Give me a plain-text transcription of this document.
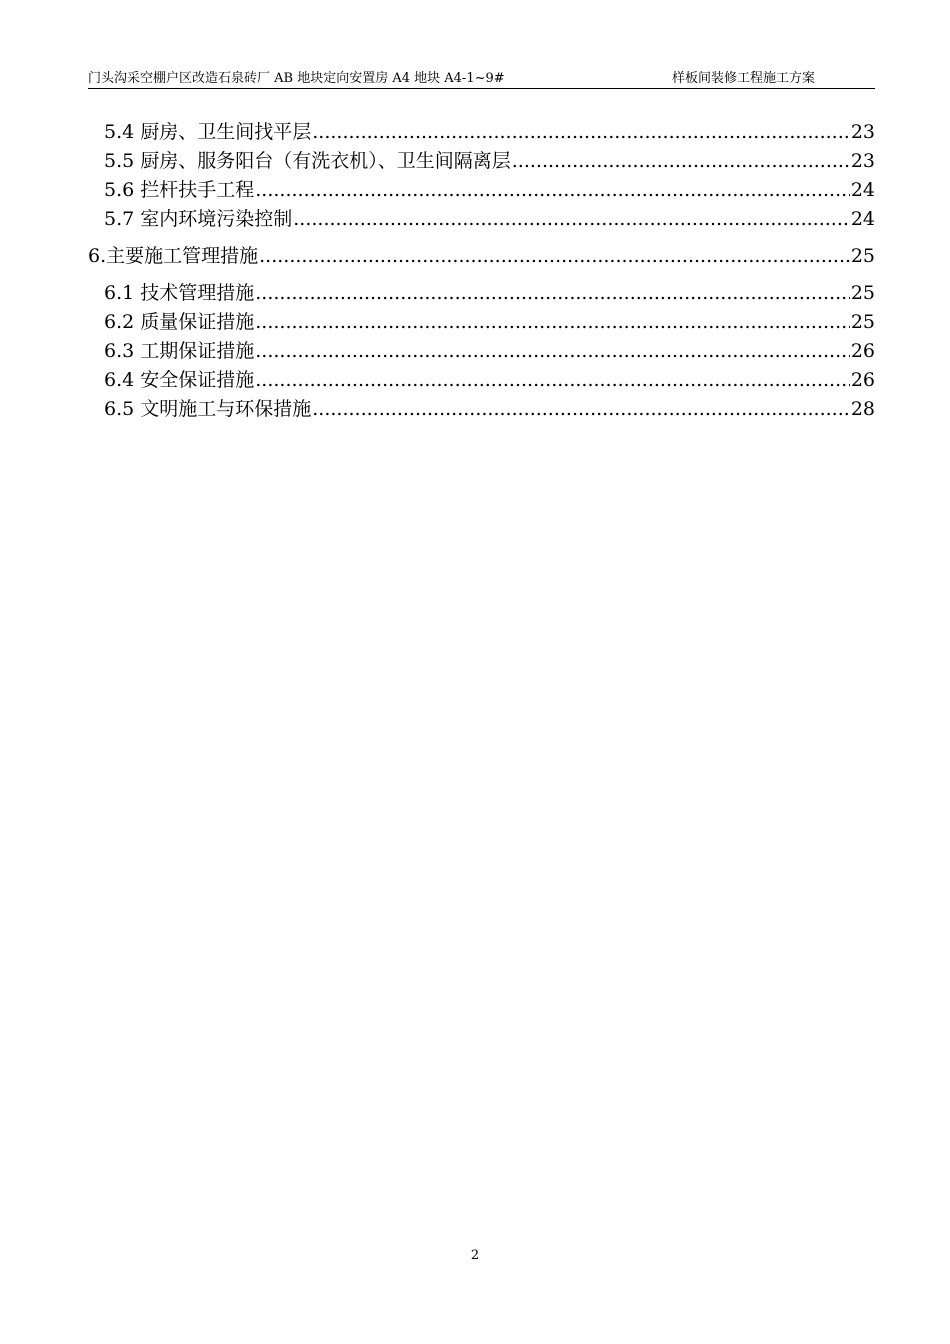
门头沟采空棚户区改造石泉砖厂 AB 地块定向安置房 A4 地块 A4-1~9#	样板间装修工程施工方案
5.4 厨房、卫生间找平层 .....	23
5.5 厨房、服务阳台（有洗衣机）、卫生间隔离层 .....	23
5.6 拦杆扶手工程 .....	24
5.7 室内环境污染控制 .....	24
6.主要施工管理措施 .....	25
6.1 技术管理措施 .....	25
6.2 质量保证措施 .....	25
6.3 工期保证措施 .....	26
6.4 安全保证措施 .....	26
6.5 文明施工与环保措施 .....	28
2
